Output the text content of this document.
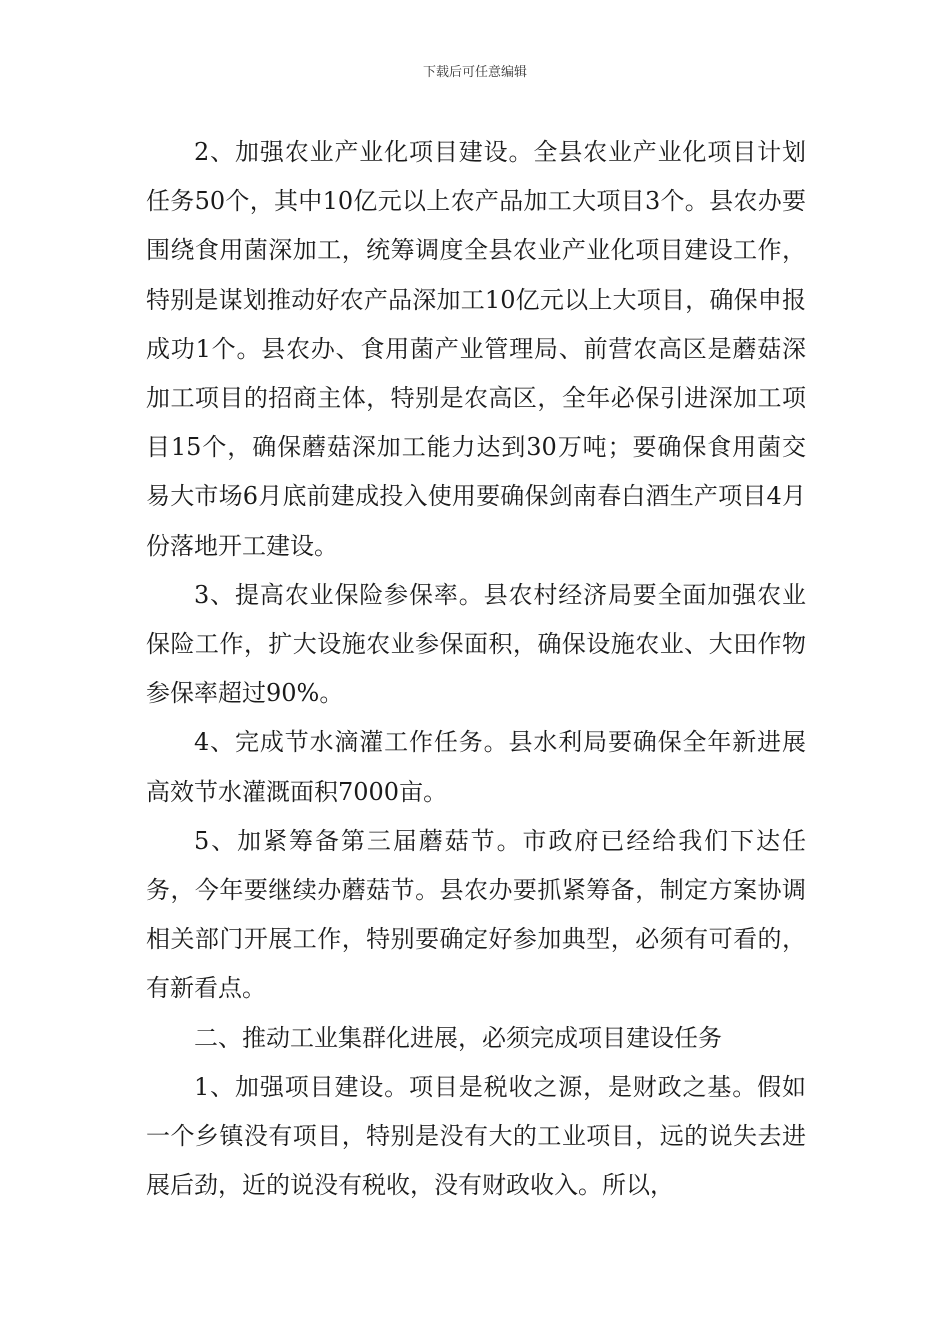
下载后可任意编辑

2、加强农业产业化项目建设。全县农业产业化项目计划任务50个，其中10亿元以上农产品加工大项目3个。县农办要围绕食用菌深加工，统筹调度全县农业产业化项目建设工作，特别是谋划推动好农产品深加工10亿元以上大项目，确保申报成功1个。县农办、食用菌产业管理局、前营农高区是蘑菇深加工项目的招商主体，特别是农高区，全年必保引进深加工项目15个，确保蘑菇深加工能力达到30万吨；要确保食用菌交易大市场6月底前建成投入使用要确保剑南春白酒生产项目4月份落地开工建设。

3、提高农业保险参保率。县农村经济局要全面加强农业保险工作，扩大设施农业参保面积，确保设施农业、大田作物参保率超过90%。

4、完成节水滴灌工作任务。县水利局要确保全年新进展高效节水灌溉面积7000亩。

5、加紧筹备第三届蘑菇节。市政府已经给我们下达任务，今年要继续办蘑菇节。县农办要抓紧筹备，制定方案协调相关部门开展工作，特别要确定好参加典型，必须有可看的，有新看点。

二、推动工业集群化进展，必须完成项目建设任务

1、加强项目建设。项目是税收之源，是财政之基。假如一个乡镇没有项目，特别是没有大的工业项目，远的说失去进展后劲，近的说没有税收，没有财政收入。所以，
